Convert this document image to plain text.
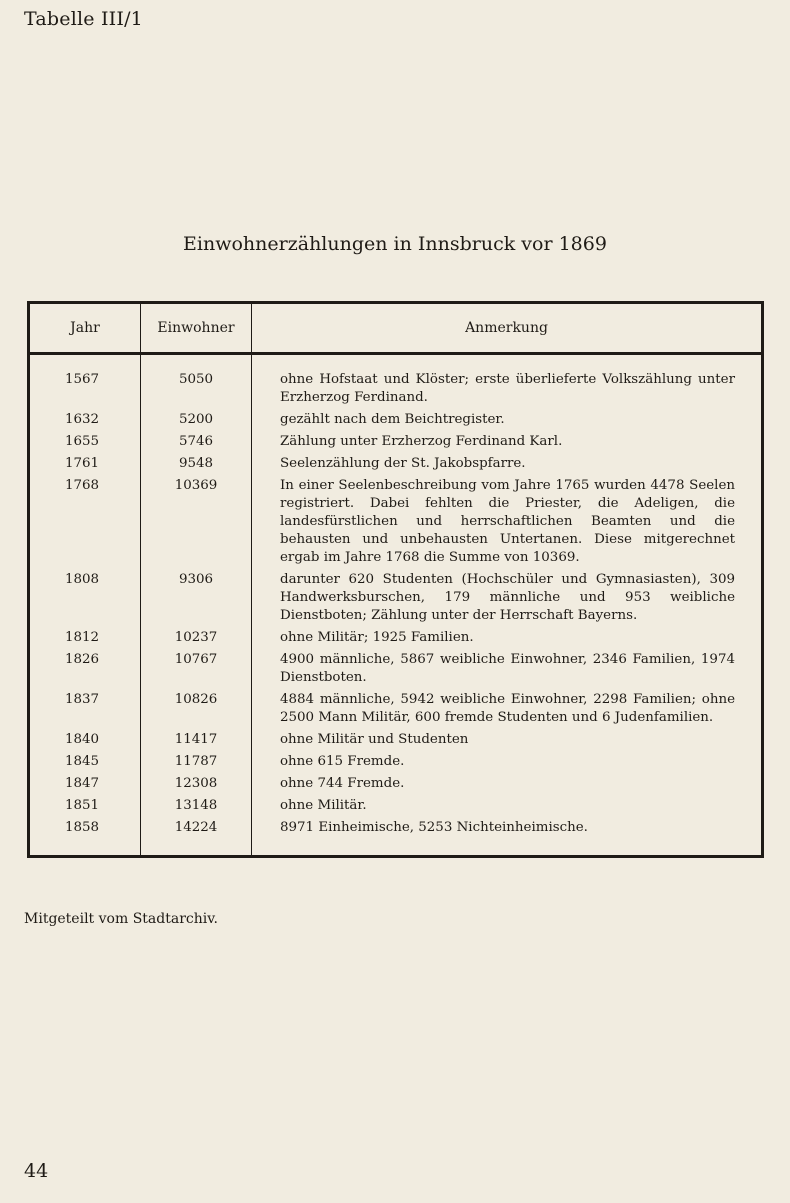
Tabelle III/1
Einwohnerzählungen in Innsbruck vor 1869
Jahr	Einwohner	Anmerkung
1567	5050	ohne Hofstaat und Klöster; erste überlieferte Volkszählung unter Erzherzog Ferdinand.
1632	5200	gezählt nach dem Beichtregister.
1655	5746	Zählung unter Erzherzog Ferdinand Karl.
1761	9548	Seelenzählung der St. Jakobspfarre.
1768	10369	In einer Seelenbeschreibung vom Jahre 1765 wurden 4478 Seelen registriert. Dabei fehlten die Priester, die Adeligen, die landesfürstlichen und herrschaftlichen Beamten und die behausten und unbehausten Untertanen. Diese mitgerechnet ergab im Jahre 1768 die Summe von 10369.
1808	9306	darunter 620 Studenten (Hochschüler und Gymnasiasten), 309 Handwerksburschen, 179 männliche und 953 weibliche Dienstboten; Zählung unter der Herrschaft Bayerns.
1812	10237	ohne Militär; 1925 Familien.
1826	10767	4900 männliche, 5867 weibliche Einwohner, 2346 Familien, 1974 Dienstboten.
1837	10826	4884 männliche, 5942 weibliche Einwohner, 2298 Familien; ohne 2500 Mann Militär, 600 fremde Studenten und 6 Judenfamilien.
1840	11417	ohne Militär und Studenten
1845	11787	ohne 615 Fremde.
1847	12308	ohne 744 Fremde.
1851	13148	ohne Militär.
1858	14224	8971 Einheimische, 5253 Nichteinheimische.
Mitgeteilt vom Stadtarchiv.
44
